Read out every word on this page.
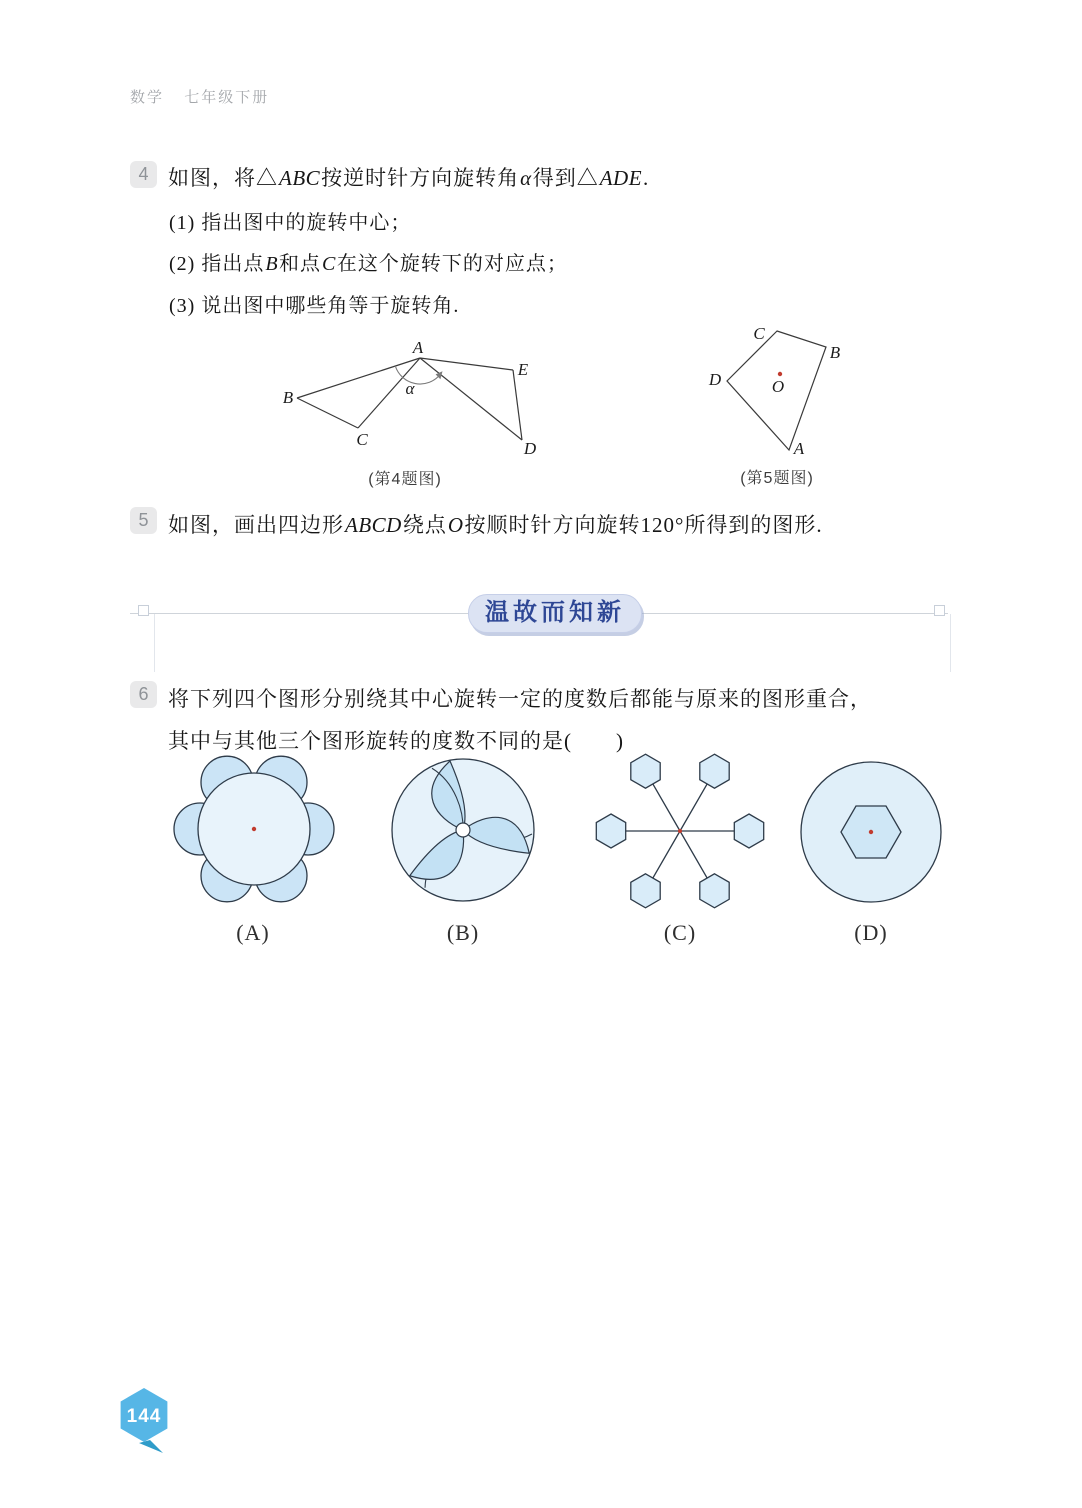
数学 七年级下册
4 如图，将△ABC按逆时针方向旋转角α得到△ADE.
(1) 指出图中的旋转中心；
(2) 指出点B和点C在这个旋转下的对应点；
(3) 说出图中哪些角等于旋转角.
A
B
C	D
E
α
(第4题图)
C
B
D
A
O
(第5题图)
5 如图，画出四边形ABCD绕点O按顺时针方向旋转120°所得到的图形.
温故而知新
6 将下列四个图形分别绕其中心旋转一定的度数后都能与原来的图形重合，
其中与其他三个图形旋转的度数不同的是(　　)
(A)	(B)	(C)	(D)
144
